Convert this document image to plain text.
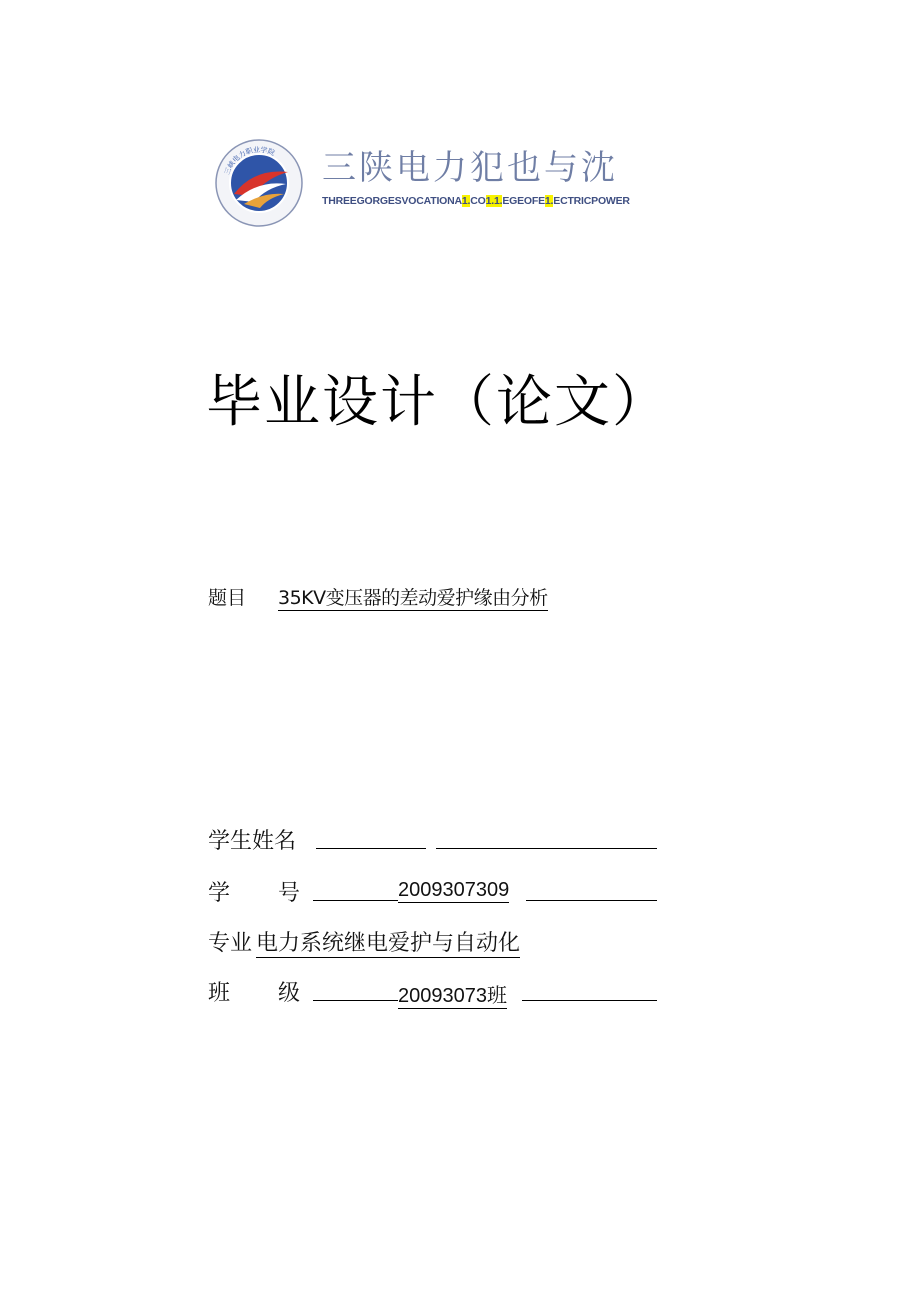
三峡电力职业学院 三陕电力犯也与沈
THREEGORGESVOCATIONA1.CO1.1.EGEOFE1.ECTRICPOWER
毕业设计（论文）
题目 35KV变压器的差动爱护缘由分析
学生姓名
学 号	2009307309
专业 电力系统继电爱护与自动化
班 级	20093073班
